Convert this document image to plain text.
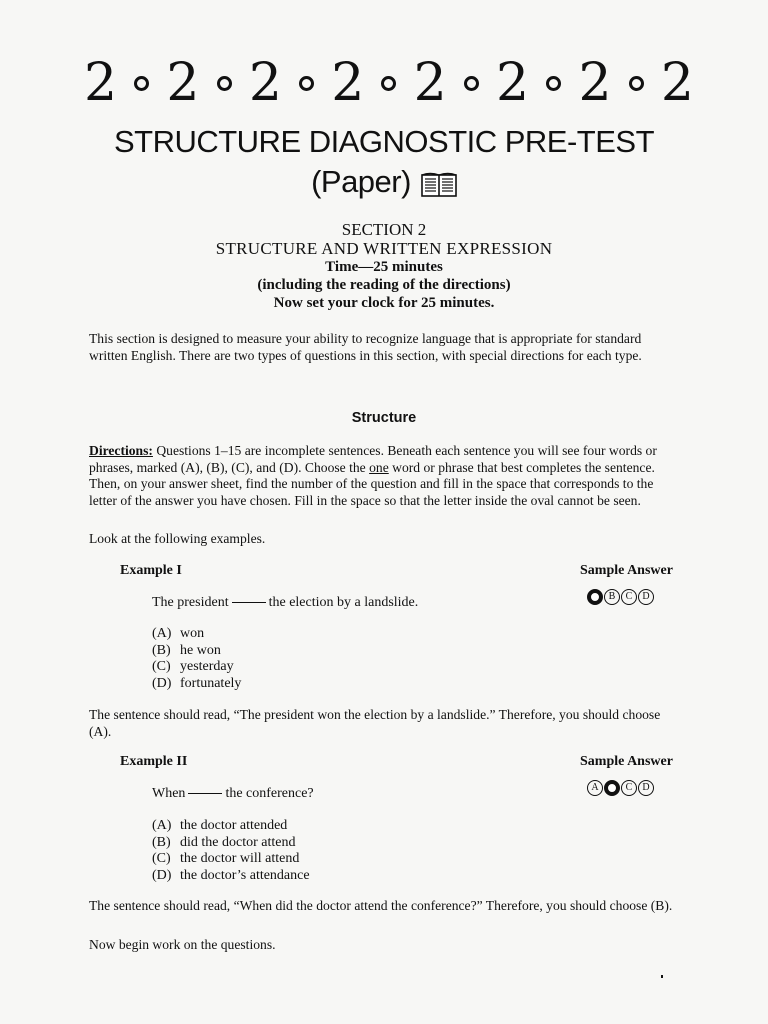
2 2 2 2 2 2 2 2
STRUCTURE DIAGNOSTIC PRE-TEST
(Paper)
SECTION 2
STRUCTURE AND WRITTEN EXPRESSION
Time—25 minutes
(including the reading of the directions)
Now set your clock for 25 minutes.
This section is designed to measure your ability to recognize language that is appropriate for standard written English. There are two types of questions in this section, with special directions for each type.
Structure
Directions: Questions 1–15 are incomplete sentences. Beneath each sentence you will see four words or phrases, marked (A), (B), (C), and (D). Choose the one word or phrase that best completes the sentence. Then, on your answer sheet, find the number of the question and fill in the space that corresponds to the letter of the answer you have chosen. Fill in the space so that the letter inside the oval cannot be seen.
Look at the following examples.
Example I	Sample Answer
The president	the election by a landslide.	B	C	D
(A) won
(B) he won
(C) yesterday
(D) fortunately
The sentence should read, “The president won the election by a landslide.” Therefore, you should choose (A).
Example II	Sample Answer
When	the conference?	A	C	D
(A) the doctor attended
(B) did the doctor attend
(C) the doctor will attend
(D) the doctor’s attendance
The sentence should read, “When did the doctor attend the conference?” Therefore, you should choose (B).
Now begin work on the questions.
